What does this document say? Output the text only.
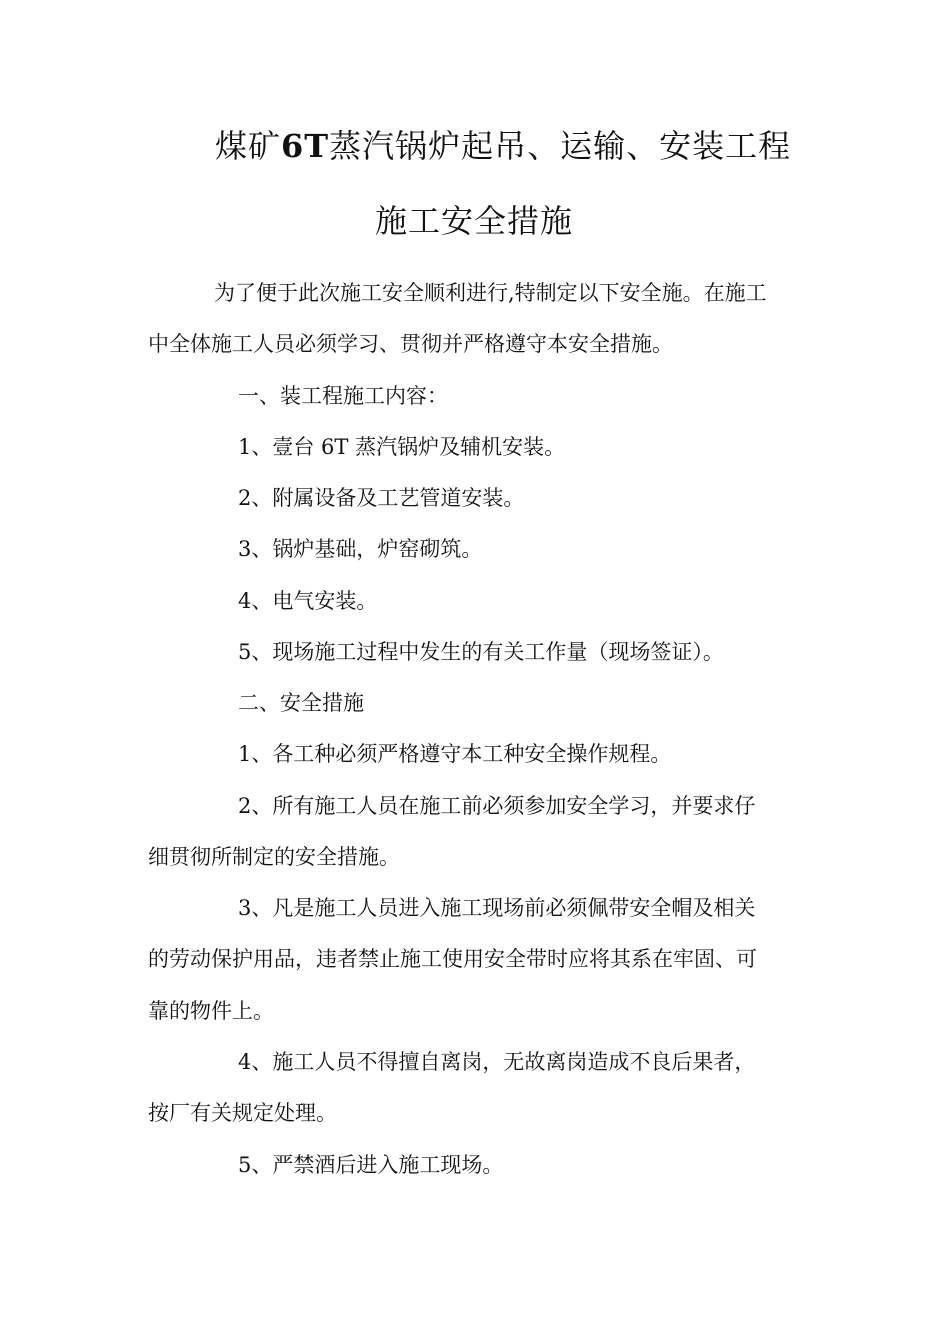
煤矿6T蒸汽锅炉起吊、运输、安装工程
施工安全措施
为了便于此次施工安全顺利进行,特制定以下安全施。在施工
中全体施工人员必须学习、贯彻并严格遵守本安全措施。
一、装工程施工内容：
1、壹台 6T 蒸汽锅炉及辅机安装。
2、附属设备及工艺管道安装。
3、锅炉基础，炉窑砌筑。
4、电气安装。
5、现场施工过程中发生的有关工作量（现场签证）。
二、安全措施
1、各工种必须严格遵守本工种安全操作规程。
2、所有施工人员在施工前必须参加安全学习，并要求仔
细贯彻所制定的安全措施。
3、凡是施工人员进入施工现场前必须佩带安全帽及相关
的劳动保护用品，违者禁止施工使用安全带时应将其系在牢固、可
靠的物件上。
4、施工人员不得擅自离岗，无故离岗造成不良后果者，
按厂有关规定处理。
5、严禁酒后进入施工现场。
